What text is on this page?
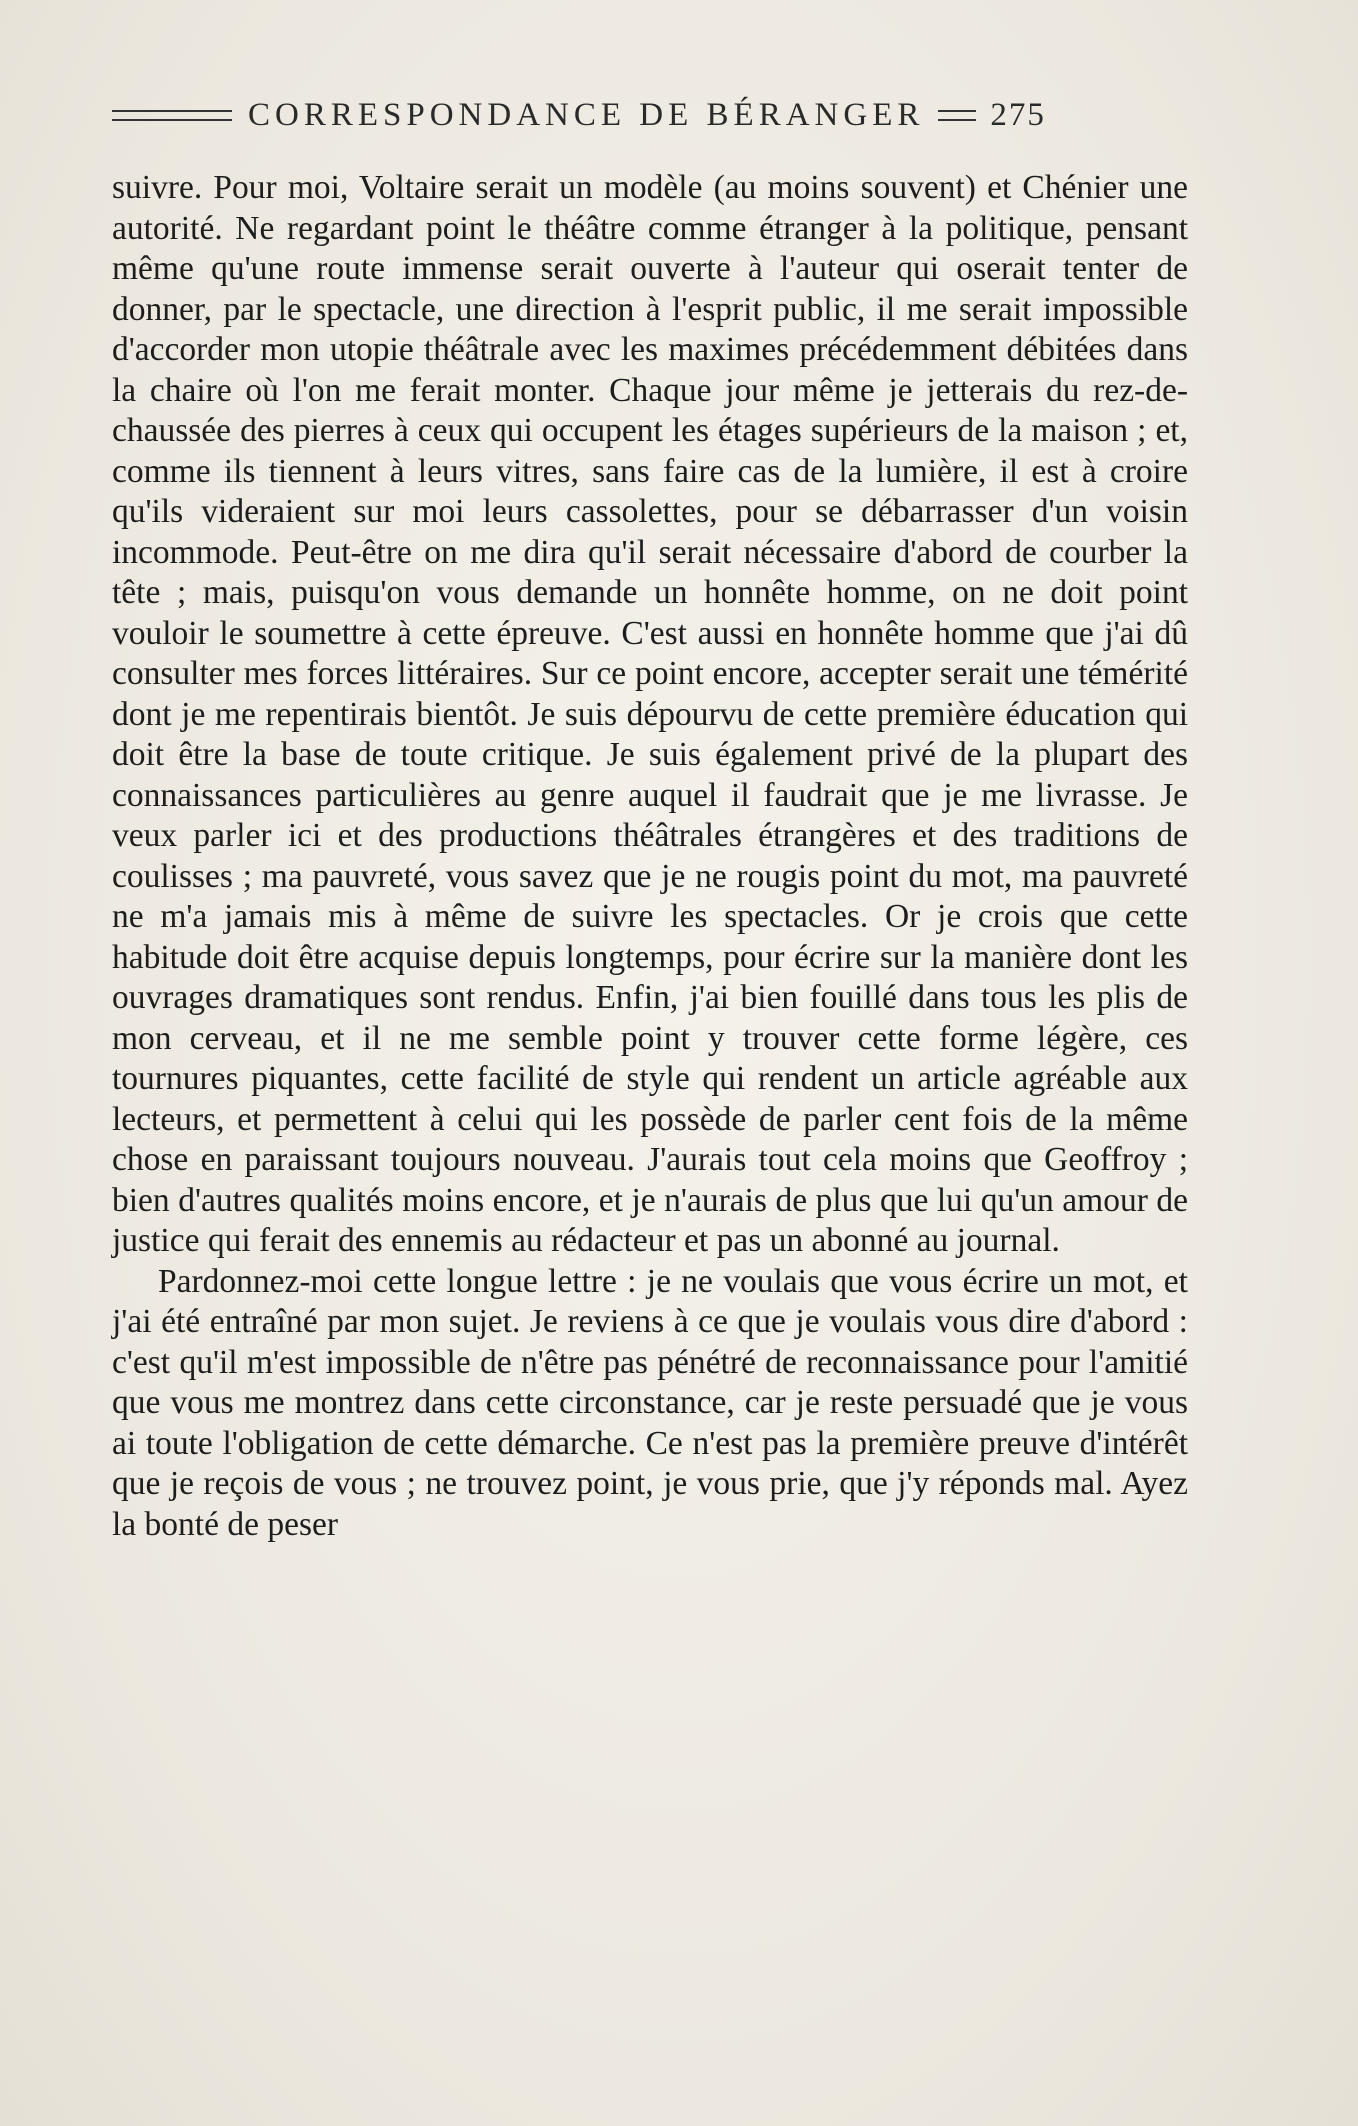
CORRESPONDANCE DE BÉRANGER 275

suivre. Pour moi, Voltaire serait un modèle (au moins souvent) et Chénier une autorité. Ne regardant point le théâtre comme étranger à la politique, pensant même qu'une route immense serait ouverte à l'auteur qui oserait tenter de donner, par le spectacle, une direction à l'esprit public, il me serait impossible d'accorder mon utopie théâtrale avec les maximes précédemment débitées dans la chaire où l'on me ferait monter. Chaque jour même je jetterais du rez-de-chaussée des pierres à ceux qui occupent les étages supérieurs de la maison ; et, comme ils tiennent à leurs vitres, sans faire cas de la lumière, il est à croire qu'ils videraient sur moi leurs cassolettes, pour se débarrasser d'un voisin incommode. Peut-être on me dira qu'il serait nécessaire d'abord de courber la tête ; mais, puisqu'on vous demande un honnête homme, on ne doit point vouloir le soumettre à cette épreuve. C'est aussi en honnête homme que j'ai dû consulter mes forces littéraires. Sur ce point encore, accepter serait une témérité dont je me repentirais bientôt. Je suis dépourvu de cette première éducation qui doit être la base de toute critique. Je suis également privé de la plupart des connaissances particulières au genre auquel il faudrait que je me livrasse. Je veux parler ici et des productions théâtrales étrangères et des traditions de coulisses ; ma pauvreté, vous savez que je ne rougis point du mot, ma pauvreté ne m'a jamais mis à même de suivre les spectacles. Or je crois que cette habitude doit être acquise depuis longtemps, pour écrire sur la manière dont les ouvrages dramatiques sont rendus. Enfin, j'ai bien fouillé dans tous les plis de mon cerveau, et il ne me semble point y trouver cette forme légère, ces tournures piquantes, cette facilité de style qui rendent un article agréable aux lecteurs, et permettent à celui qui les possède de parler cent fois de la même chose en paraissant toujours nouveau. J'aurais tout cela moins que Geoffroy ; bien d'autres qualités moins encore, et je n'aurais de plus que lui qu'un amour de justice qui ferait des ennemis au rédacteur et pas un abonné au journal.

Pardonnez-moi cette longue lettre : je ne voulais que vous écrire un mot, et j'ai été entraîné par mon sujet. Je reviens à ce que je voulais vous dire d'abord : c'est qu'il m'est impossible de n'être pas pénétré de reconnaissance pour l'amitié que vous me montrez dans cette circonstance, car je reste persuadé que je vous ai toute l'obligation de cette démarche. Ce n'est pas la première preuve d'intérêt que je reçois de vous ; ne trouvez point, je vous prie, que j'y réponds mal. Ayez la bonté de peser
